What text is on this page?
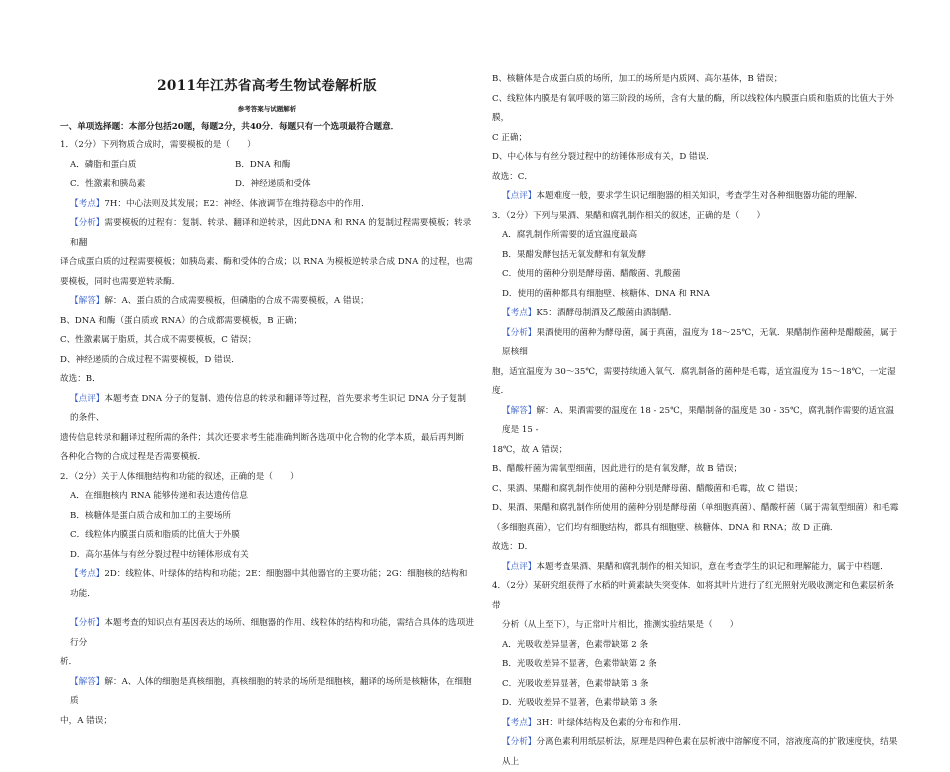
2011年江苏省高考生物试卷解析版
参考答案与试题解析
一、单项选择题：本部分包括20题，每题2分，共40分．每题只有一个选项最符合题意．
1．（2分）下列物质合成时，需要模板的是（　　）
A．磷脂和蛋白质	B．DNA 和酶
C．性激素和胰岛素	D．神经递质和受体
【考点】7H：中心法则及其发展；E2：神经、体液调节在维持稳态中的作用．
【分析】需要模板的过程有：复制、转录、翻译和逆转录，因此DNA 和 RNA 的复制过程需要模板；转录和翻
译合成蛋白质的过程需要模板；如胰岛素、酶和受体的合成；以 RNA 为模板逆转录合成 DNA 的过程，也需
要模板，同时也需要逆转录酶．
【解答】解：A、蛋白质的合成需要模板，但磷脂的合成不需要模板，A 错误；
B、DNA 和酶（蛋白质或 RNA）的合成都需要模板，B 正确；
C、性激素属于脂质，其合成不需要模板，C 错误；
D、神经递质的合成过程不需要模板，D 错误．
故选：B．
【点评】本题考查 DNA 分子的复制、遗传信息的转录和翻译等过程，首先要求考生识记 DNA 分子复制的条件、
遗传信息转录和翻译过程所需的条件；其次还要求考生能准确判断各选项中化合物的化学本质，最后再判断
各种化合物的合成过程是否需要模板．
2．（2分）关于人体细胞结构和功能的叙述，正确的是（　　）
A．在细胞核内 RNA 能够传递和表达遗传信息
B．核糖体是蛋白质合成和加工的主要场所
C．线粒体内膜蛋白质和脂质的比值大于外膜
D．高尔基体与有丝分裂过程中纺锤体形成有关
【考点】2D：线粒体、叶绿体的结构和功能；2E：细胞器中其他器官的主要功能；2G：细胞核的结构和功能．
【分析】本题考查的知识点有基因表达的场所、细胞器的作用、线粒体的结构和功能，需结合具体的选项进行分
析．
【解答】解：A、人体的细胞是真核细胞，真核细胞的转录的场所是细胞核，翻译的场所是核糖体，在细胞质
中，A 错误；
B、核糖体是合成蛋白质的场所，加工的场所是内质网、高尔基体，B 错误；
C、线粒体内膜是有氧呼吸的第三阶段的场所，含有大量的酶，所以线粒体内膜蛋白质和脂质的比值大于外膜，
C 正确；
D、中心体与有丝分裂过程中的纺锤体形成有关，D 错误．
故选：C．
【点评】本题难度一般，要求学生识记细胞器的相关知识，考查学生对各种细胞器功能的理解．
3．（2分）下列与果酒、果醋和腐乳制作相关的叙述，正确的是（　　）
A．腐乳制作所需要的适宜温度最高
B．果醋发酵包括无氧发酵和有氧发酵
C．使用的菌种分别是酵母菌、醋酸菌、乳酸菌
D．使用的菌种都具有细胞壁、核糖体、DNA 和 RNA
【考点】K5：酒酵母制酒及乙酸菌由酒制醋．
【分析】果酒使用的菌种为酵母菌，属于真菌，温度为 18～25℃，无氧．果醋制作菌种是醋酸菌，属于原核细
胞，适宜温度为 30～35℃，需要持续通入氧气．腐乳制备的菌种是毛霉，适宜温度为 15～18℃，一定湿度．
【解答】解：A、果酒需要的温度在 18 - 25℃，果醋制备的温度是 30 - 35℃，腐乳制作需要的适宜温度是 15 -
18℃，故 A 错误；
B、醋酸杆菌为需氧型细菌，因此进行的是有氧发酵，故 B 错误；
C、果酒、果醋和腐乳制作使用的菌种分别是酵母菌、醋酸菌和毛霉，故 C 错误；
D、果酒、果醋和腐乳制作所使用的菌种分别是酵母菌（单细胞真菌）、醋酸杆菌（属于需氧型细菌）和毛霉
（多细胞真菌），它们均有细胞结构，都具有细胞壁、核糖体、DNA 和 RNA；故 D 正确．
故选：D．
【点评】本题考查果酒、果醋和腐乳制作的相关知识，意在考查学生的识记和理解能力，属于中档题．
4．（2分）某研究组获得了水稻的叶黄素缺失突变体．如将其叶片进行了红光照射光吸收测定和色素层析条带
分析（从上至下），与正常叶片相比，推测实验结果是（　　）
A．光吸收差异显著，色素带缺第 2 条
B．光吸收差异不显著，色素带缺第 2 条
C．光吸收差异显著，色素带缺第 3 条
D．光吸收差异不显著，色素带缺第 3 条
【考点】3H：叶绿体结构及色素的分布和作用．
【分析】分离色素利用纸层析法，原理是四种色素在层析液中溶解度不同，溶液度高的扩散速度快，结果从上
